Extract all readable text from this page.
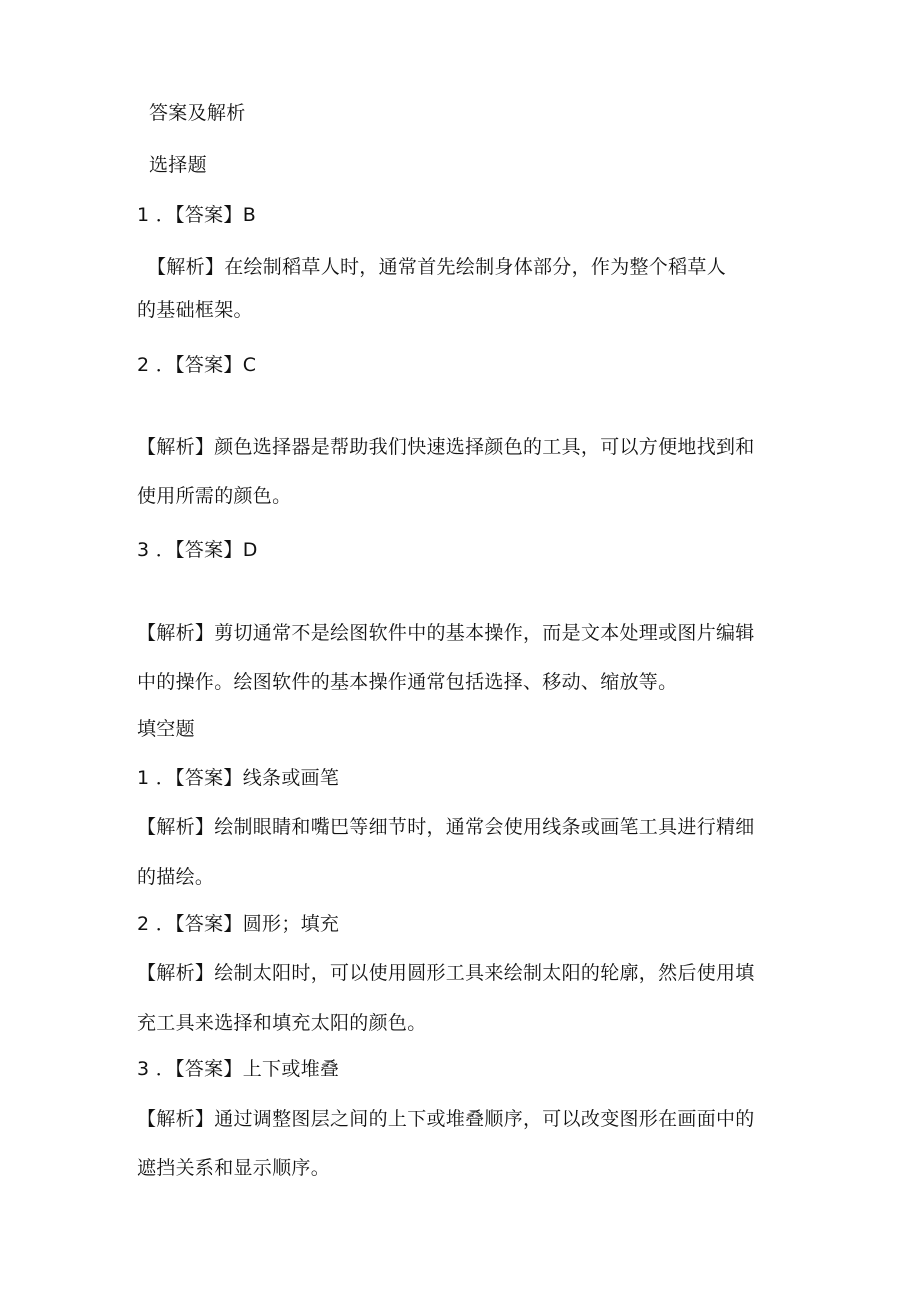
答案及解析
选择题
1 ．【答案】B
【解析】在绘制稻草人时，通常首先绘制身体部分，作为整个稻草人
的基础框架。
2 ．【答案】C
【解析】颜色选择器是帮助我们快速选择颜色的工具，可以方便地找到和
使用所需的颜色。
3 ．【答案】D
【解析】剪切通常不是绘图软件中的基本操作，而是文本处理或图片编辑
中的操作。绘图软件的基本操作通常包括选择、移动、缩放等。
填空题
1 ．【答案】线条或画笔
【解析】绘制眼睛和嘴巴等细节时，通常会使用线条或画笔工具进行精细
的描绘。
2 ．【答案】圆形；填充
【解析】绘制太阳时，可以使用圆形工具来绘制太阳的轮廓，然后使用填
充工具来选择和填充太阳的颜色。
3 ．【答案】上下或堆叠
【解析】通过调整图层之间的上下或堆叠顺序，可以改变图形在画面中的
遮挡关系和显示顺序。
